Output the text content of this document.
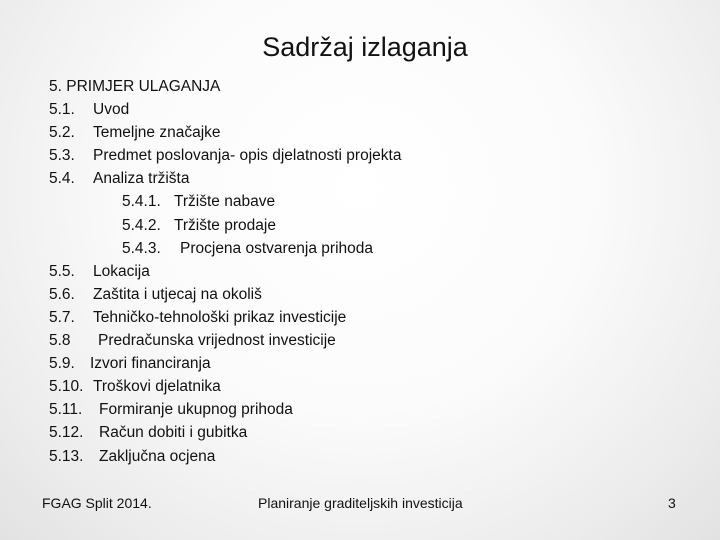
Sadržaj izlaganja
5. PRIMJER ULAGANJA
5.1. Uvod
5.2. Temeljne značajke
5.3. Predmet poslovanja- opis djelatnosti projekta
5.4. Analiza tržišta
5.4.1. Tržište nabave
5.4.2. Tržište prodaje
5.4.3. Procjena ostvarenja prihoda
5.5. Lokacija
5.6. Zaštita i utjecaj na okoliš
5.7. Tehničko-tehnološki prikaz investicije
5.8 Predračunska vrijednost investicije
5.9. Izvori financiranja
5.10. Troškovi djelatnika
5.11. Formiranje ukupnog prihoda
5.12. Račun dobiti i gubitka
5.13. Zaključna ocjena
FGAG Split 2014.	Planiranje graditeljskih investicija	3
